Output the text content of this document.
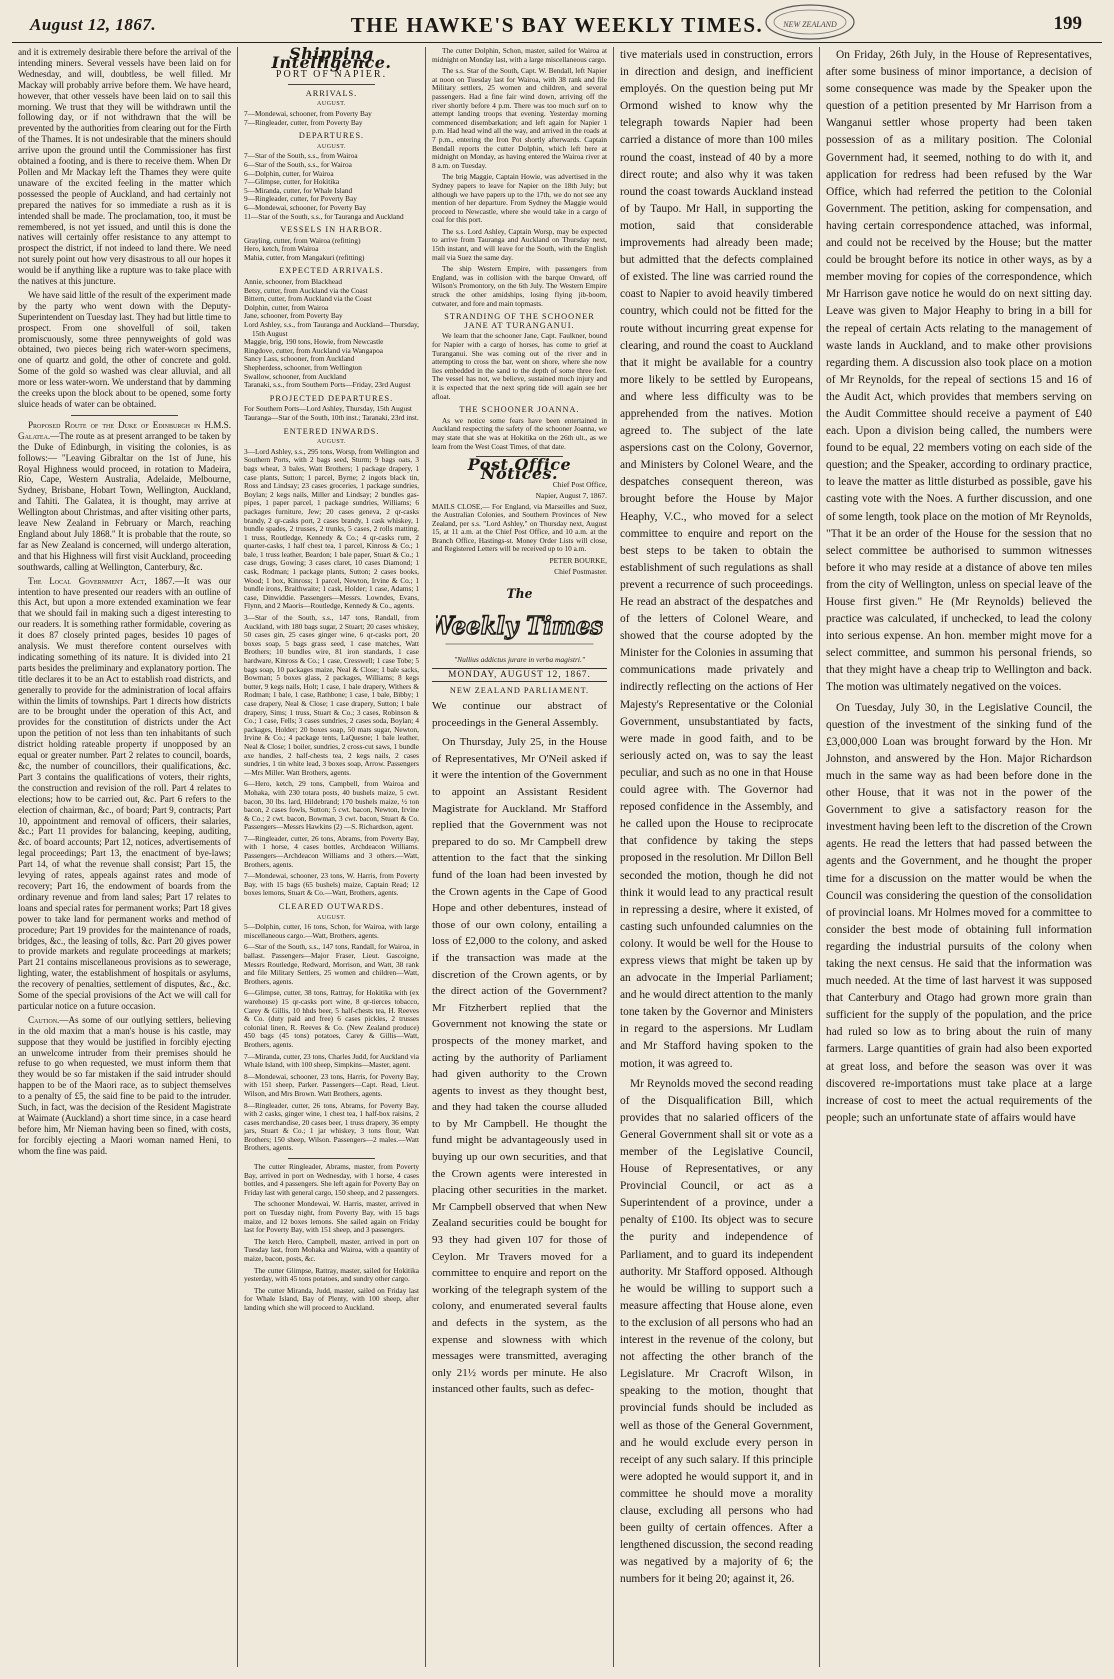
August 12, 1867.	THE HAWKE'S BAY WEEKLY TIMES.	NEW ZEALAND	199

and it is extremely desirable there before the arrival of the intending miners. Several vessels have been laid on for Wednesday, and will, doubtless, be well filled. Mr Mackay will probably arrive before them. We have heard, however, that other vessels have been laid on to sail this morning. We trust that they will be withdrawn until the following day, or if not withdrawn that the will be prevented by the authorities from clearing out for the Firth of the Thames. It is not undesirable that the miners should arrive upon the ground until the Commissioner has first obtained a footing, and is there to receive them. When Dr Pollen and Mr Mackay left the Thames they were quite unaware of the excited feeling in the matter which possessed the people of Auckland, and had certainly not prepared the natives for so immediate a rush as it is intended shall be made. The proclamation, too, it must be remembered, is not yet issued, and until this is done the natives will certainly offer resistance to any attempt to prospect the district, if not indeed to land there. We need not surely point out how very disastrous to all our hopes it would be if anything like a rupture was to take place with the natives at this juncture.

We have said little of the result of the experiment made by the party who went down with the Deputy-Superintendent on Tuesday last. They had but little time to prospect. From one shovelfull of soil, taken promiscuously, some three pennyweights of gold was obtained, two pieces being rich water-worn specimens, one of quartz and gold, the other of concrete and gold. Some of the gold so washed was clear alluvial, and all more or less water-worn. We understand that by damming the creeks upon the block about to be opened, some forty sluice heads of water can be obtained.

Proposed Route of the Duke of Edinburgh in H.M.S. Galatea.—The route as at present arranged to be taken by the Duke of Edinburgh, in visiting the colonies, is as follows:— "Leaving Gibraltar on the 1st of June, his Royal Highness would proceed, in rotation to Madeira, Rio, Cape, Western Australia, Adelaide, Melbourne, Sydney, Brisbane, Hobart Town, Wellington, Auckland, and Tahiti. The Galatea, it is thought, may arrive at Wellington about Christmas, and after visiting other parts, leave New Zealand in February or March, reaching England about July 1868." It is probable that the route, so far as New Zealand is concerned, will undergo alteration, and that his Highness will first visit Auckland, proceeding southwards, calling at Wellington, Canterbury, &c.

The Local Government Act, 1867.—It was our intention to have presented our readers with an outline of this Act, but upon a more extended examination we fear that we should fail in making such a digest interesting to our readers. It is something rather formidable, covering as it does 87 closely printed pages, besides 10 pages of analysis. We must therefore content ourselves with indicating something of its nature. It is divided into 21 parts besides the preliminary and explanatory portion. The title declares it to be an Act to establish road districts, and generally to provide for the administration of local affairs within the limits of townships. Part 1 directs how districts are to be brought under the operation of this Act, and provides for the constitution of districts under the Act upon the petition of not less than ten inhabitants of such district holding rateable property if unopposed by an equal or greater number. Part 2 relates to council, boards, &c, the number of councillors, their qualifications, &c. Part 3 contains the qualifications of voters, their rights, the construction and revision of the roll. Part 4 relates to elections; how to be carried out, &c. Part 6 refers to the election of chairman, &c., of board; Part 9, contracts; Part 10, appointment and removal of officers, their salaries, &c.; Part 11 provides for balancing, keeping, auditing, &c. of board accounts; Part 12, notices, advertisements of legal proceedings; Part 13, the enactment of bye-laws; Part 14, of what the revenue shall consist; Part 15, the levying of rates, appeals against rates and mode of recovery; Part 16, the endowment of boards from the ordinary revenue and from land sales; Part 17 relates to loans and special rates for permanent works; Part 18 gives power to take land for permanent works and method of procedure; Part 19 provides for the maintenance of roads, bridges, &c., the leasing of tolls, &c. Part 20 gives power to provide markets and regulate proceedings at markets; Part 21 contains miscellaneous provisions as to sewerage, lighting, water, the establishment of hospitals or asylums, the recovery of penalties, settlement of disputes, &c., &c. Some of the special provisions of the Act we will call for particular notice on a future occasion.

Caution.—As some of our outlying settlers, believing in the old maxim that a man's house is his castle, may suppose that they would be justified in forcibly ejecting an unwelcome intruder from their premises should he refuse to go when requested, we must inform them that they would be so far mistaken if the said intruder should happen to be of the Maori race, as to subject themselves to a penalty of £5, the said fine to be paid to the intruder. Such, in fact, was the decision of the Resident Magistrate at Waimate (Auckland) a short time since, in a case heard before him, Mr Nieman having been so fined, with costs, for forcibly ejecting a Maori woman named Heni, to whom the fine was paid.

Shipping Intelligence.
PORT OF NAPIER.
ARRIVALS.
AUGUST.
7—Mondewai, schooner, from Poverty Bay
7—Ringleader, cutter, from Poverty Bay
DEPARTURES.
AUGUST.
7—Star of the South, s.s., from Wairoa
6—Star of the South, s.s., for Wairoa
6—Dolphin, cutter, for Wairoa
7—Glimpse, cutter, for Hokitika
5—Miranda, cutter, for Whale Island
9—Ringleader, cutter, for Poverty Bay
6—Mondewai, schooner, for Poverty Bay
11—Star of the South, s.s., for Tauranga and Auckland
VESSELS IN HARBOR.
Grayling, cutter, from Wairoa (refitting)
Hero, ketch, from Wairoa
Mahia, cutter, from Mangakuri (refitting)
EXPECTED ARRIVALS.
Annie, schooner, from Blackhead
Betsy, cutter, from Auckland via the Coast
Bittern, cutter, from Auckland via the Coast
Dolphin, cutter, from Wairoa
Jane, schooner, from Poverty Bay
Lord Ashley, s.s., from Tauranga and Auckland—Thursday, 15th August
Maggie, brig, 190 tons, Howie, from Newcastle
Ringdove, cutter, from Auckland via Wangapoa
Sancy Lass, schooner, from Auckland
Shepherdess, schooner, from Wellington
Swallow, schooner, from Auckland
Taranaki, s.s., from Southern Ports—Friday, 23rd August
PROJECTED DEPARTURES.
For Southern Ports—Lord Ashley, Thursday, 15th August
Tauranga—Star of the South, 10th inst.; Taranaki, 23rd inst.
ENTERED INWARDS.
AUGUST.

3—Lord Ashley, s.s., 295 tons, Worsp, from Wellington and Southern Ports, with 2 bags seed, Sturm; 9 bags oats, 3 bags wheat, 3 bales, Watt Brothers; 1 package drapery, 1 case plants, Sutton; 1 parcel, Byrne; 2 ingots black tin, Ross and Lindsay; 23 cases groceries, 1 package sundries, Boylan; 2 kegs nails, Miller and Lindsay; 2 bundles gas-pipes, 1 paper parcel, 1 package sundries, Williams; 6 packages furniture, Jew; 20 cases geneva, 2 qr-casks brandy, 2 qr-casks port, 2 cases brandy, 1 cask whiskey, 1 bundle spades, 2 trusses, 2 trunks, 5 cases, 2 rolls matting, 1 truss, Routledge, Kennedy & Co.; 4 qr-casks rum, 2 quarter-casks, 1 half chest tea, 1 parcel, Kinross & Co.; 1 bale, 1 truss leather, Beardon; 1 bale paper, Stuart & Co.; 1 case drugs, Gowing; 3 cases claret, 10 cases Diamond; 1 cask, Rodman; 1 package plants, Sutton; 2 cases books, Wood; 1 box, Kinross; 1 parcel, Newton, Irvine & Co.; 1 bundle irons, Braithwaite; 1 cask, Holder; 1 case, Adams; 1 case, Dinwiddie. Passengers—Messrs. Lowndes, Evans, Flynn, and 2 Maoris—Routledge, Kennedy & Co., agents.

3—Star of the South, s.s., 147 tons, Randall, from Auckland, with 180 bags sugar, 2 Stuart; 20 cases whiskey, 50 cases gin, 25 cases ginger wine, 6 qr-casks port, 20 boxes soap, 5 bags grass seed, 1 case matches, Watt Brothers; 10 bundles wire, 81 iron standards, 1 case hardware, Kinross & Co.; 1 case, Cresswell; 1 case Tobe; 5 bags soap, 10 packages maize, Neal & Close; 1 bale sacks, Bowman; 5 boxes glass, 2 packages, Williams; 8 kegs butter, 9 kegs nails, Holt; 1 case, 1 bale drapery, Withers & Rodman; 1 bale, 1 case, Rathbone; 1 case, 1 bale, Bibby; 1 case drapery, Neal & Close; 1 case drapery, Sutton; 1 bale drapery, Sims; 1 truss, Stuart & Co.; 3 cases, Robinson & Co.; 1 case, Fells; 3 cases sundries, 2 cases soda, Boylan; 4 packages, Holder; 20 boxes soap, 50 mats sugar, Newton, Irvine & Co.; 4 package tents, LaQuesne; 1 bale leather, Neal & Close; 1 boiler, sundries, 2 cross-cut saws, 1 bundle axe handles, 2 half-chests tea, 2 kegs nails, 2 cases sundries, 1 tin white lead, 3 boxes soap, Arrow. Passengers—Mrs Miller. Watt Brothers, agents.

6—Hero, ketch, 29 tons, Campbell, from Wairoa and Mohaka, with 230 totara posts, 40 bushels maize, 5 cwt. bacon, 30 lbs. lard, Hildebrand; 170 bushels maize, ½ ton bacon, 2 cases fowls, Sutton; 5 cwt. bacon, Newton, Irvine & Co.; 2 cwt. bacon, Bowman, 3 cwt. bacon, Stuart & Co. Passengers—Messrs Hawkins (2) —S. Richardson, agent.

7—Ringleader, cutter, 26 tons, Abrams, from Poverty Bay, with 1 horse, 4 cases bottles, Archdeacon Williams. Passengers—Archdeacon Williams and 3 others.—Watt, Brothers, agents.

7—Mondewai, schooner, 23 tons, W. Harris, from Poverty Bay, with 15 bags (65 bushels) maize, Captain Read; 12 boxes lemons, Stuart & Co.—Watt, Brothers, agents.

CLEARED OUTWARDS.
AUGUST.

5—Dolphin, cutter, 16 tons, Schon, for Wairoa, with large miscellaneous cargo.—Watt, Brothers, agents.

6—Star of the South, s.s., 147 tons, Randall, for Wairoa, in ballast. Passengers—Major Fraser, Lieut. Gascoigne, Messrs Routledge, Redward, Morrison, and Watt, 38 rank and file Military Settlers, 25 women and children—Watt, Brothers, agents.

6—Glimpse, cutter, 38 tons, Rattray, for Hokitika with (ex warehouse) 15 qr-casks port wine, 8 qr-tierces tobacco, Carey & Gillis, 10 hhds beer, 5 half-chests tea, H. Reeves & Co. (duty paid and free) 6 cases pickles, 2 trusses colonial linen, R. Reeves & Co. (New Zealand produce) 450 bags (45 tons) potatoes, Carey & Gillis—Watt, Brothers, agents.

7—Miranda, cutter, 23 tons, Charles Judd, for Auckland via Whale Island, with 100 sheep, Simpkins—Master, agent.

8—Mondewai, schooner, 23 tons, Harris, for Poverty Bay, with 151 sheep, Parker. Passengers—Capt. Read, Lieut. Wilson, and Mrs Brown. Watt Brothers, agents.

8—Ringleader, cutter, 26 tons, Abrams, for Poverty Bay, with 2 casks, ginger wine, 1 chest tea, 1 half-box raisins, 2 cases merchandise, 20 cases beer, 1 truss drapery, 36 empty jars, Stuart & Co.; 1 jar whiskey, 3 tons flour, Watt Brothers; 150 sheep, Wilson. Passengers—2 males.—Watt Brothers, agents.

The cutter Ringleader, Abrams, master, from Poverty Bay, arrived in port on Wednesday, with 1 horse, 4 cases bottles, and 4 passengers. She left again for Poverty Bay on Friday last with general cargo, 150 sheep, and 2 passengers.

The schooner Mondewai, W. Harris, master, arrived in port on Tuesday night, from Poverty Bay, with 15 bags maize, and 12 boxes lemons. She sailed again on Friday last for Poverty Bay, with 151 sheep, and 3 passengers.

The ketch Hero, Campbell, master, arrived in port on Tuesday last, from Mohaka and Wairoa, with a quantity of maize, bacon, posts, &c.

The cutter Glimpse, Rattray, master, sailed for Hokitika yesterday, with 45 tons potatoes, and sundry other cargo.

The cutter Miranda, Judd, master, sailed on Friday last for Whale Island, Bay of Plenty, with 100 sheep, after landing which she will proceed to Auckland.

The cutter Dolphin, Schon, master, sailed for Wairoa at midnight on Monday last, with a large miscellaneous cargo.

The s.s. Star of the South, Capt. W. Bendall, left Napier at noon on Tuesday last for Wairoa, with 38 rank and file Military settlers, 25 women and children, and several passengers. Had a fine fair wind down, arriving off the river shortly before 4 p.m. There was too much surf on to attempt landing troops that evening. Yesterday morning commenced disembarkation; and left again for Napier 1 p.m. Had head wind all the way, and arrived in the roads at 7 p.m., entering the Iron Pot shortly afterwards. Captain Bendall reports the cutter Dolphin, which left here at midnight on Monday, as having entered the Wairoa river at 8 a.m. on Tuesday.

The brig Maggie, Captain Howie, was advertised in the Sydney papers to leave for Napier on the 18th July; but although we have papers up to the 17th, we do not see any mention of her departure. From Sydney the Maggie would proceed to Newcastle, where she would take in a cargo of coal for this port.

The s.s. Lord Ashley, Captain Worsp, may be expected to arrive from Tauranga and Auckland on Thursday next, 15th instant, and will leave for the South, with the English mail via Suez the same day.

The ship Western Empire, with passengers from England, was in collision with the barque Onward, off Wilson's Promontory, on the 6th July. The Western Empire struck the other amidships, losing flying jib-boom, cutwater, and fore and main topmasts.

STRANDING OF THE SCHOONER JANE AT TURANGANUI.

We learn that the schooner Jane, Capt. Faulkner, bound for Napier with a cargo of horses, has come to grief at Turanganui. She was coming out of the river and in attempting to cross the bar, went on shore, where she now lies embedded in the sand to the depth of some three feet. The vessel has not, we believe, sustained much injury and it is expected that the next spring tide will again see her afloat.

THE SCHOONER JOANNA.

As we notice some fears have been entertained in Auckland respecting the safety of the schooner Joanna, we may state that she was at Hokitika on the 26th ult., as we learn from the West Coast Times, of that date.

Post Office Notices.
Chief Post Office,
Napier, August 7, 1867.

MAILS CLOSE,— For England, via Marseilles and Suez, the Australian Colonies, and Southern Provinces of New Zealand, per s.s. "Lord Ashley," on Thursday next, August 15, at 11 a.m. at the Chief Post Office, and 10 a.m. at the Branch Office, Hastings-st. Money Order Lists will close, and Registered Letters will be received up to 10 a.m.

PETER BOURKE,
Chief Postmaster.
The
Weekly Times.
"Nullius addictus jurare in verba magistri."
MONDAY, AUGUST 12, 1867.
NEW ZEALAND PARLIAMENT.

We continue our abstract of proceedings in the General Assembly.

On Thursday, July 25, in the House of Representatives, Mr O'Neil asked if it were the intention of the Government to appoint an Assistant Resident Magistrate for Auckland. Mr Stafford replied that the Government was not prepared to do so. Mr Campbell drew attention to the fact that the sinking fund of the loan had been invested by the Crown agents in the Cape of Good Hope and other debentures, instead of those of our own colony, entailing a loss of £2,000 to the colony, and asked if the transaction was made at the discretion of the Crown agents, or by the direct action of the Government? Mr Fitzherbert replied that the Government not knowing the state or prospects of the money market, and acting by the authority of Parliament had given authority to the Crown agents to invest as they thought best, and they had taken the course alluded to by Mr Campbell. He thought the fund might be advantageously used in buying up our own securities, and that the Crown agents were interested in placing other securities in the market. Mr Campbell observed that when New Zealand securities could be bought for 93 they had given 107 for those of Ceylon. Mr Travers moved for a committee to enquire and report on the working of the telegraph system of the colony, and enumerated several faults and defects in the system, as the expense and slowness with which messages were transmitted, averaging only 21½ words per minute. He also instanced other faults, such as defec-

tive materials used in construction, errors in direction and design, and inefficient employés. On the question being put Mr Ormond wished to know why the telegraph towards Napier had been carried a distance of more than 100 miles round the coast, instead of 40 by a more direct route; and also why it was taken round the coast towards Auckland instead of by Taupo. Mr Hall, in supporting the motion, said that considerable improvements had already been made; but admitted that the defects complained of existed. The line was carried round the coast to Napier to avoid heavily timbered country, which could not be fitted for the route without incurring great expense for clearing, and round the coast to Auckland that it might be available for a country more likely to be settled by Europeans, and where less difficulty was to be apprehended from the natives. Motion agreed to. The subject of the late aspersions cast on the Colony, Governor, and Ministers by Colonel Weare, and the despatches consequent thereon, was brought before the House by Major Heaphy, V.C., who moved for a select committee to enquire and report on the best steps to be taken to obtain the establishment of such regulations as shall prevent a recurrence of such proceedings. He read an abstract of the despatches and of the letters of Colonel Weare, and showed that the course adopted by the Minister for the Colonies in assuming that communications made privately and indirectly reflecting on the actions of Her Majesty's Representative or the Colonial Government, unsubstantiated by facts, were made in good faith, and to be seriously acted on, was to say the least peculiar, and such as no one in that House could agree with. The Governor had reposed confidence in the Assembly, and he called upon the House to reciprocate that confidence by taking the steps proposed in the resolution. Mr Dillon Bell seconded the motion, though he did not think it would lead to any practical result in repressing a desire, where it existed, of casting such unfounded calumnies on the colony. It would be well for the House to express views that might be taken up by an advocate in the Imperial Parliament; and he would direct attention to the manly tone taken by the Governor and Ministers in regard to the aspersions. Mr Ludlam and Mr Stafford having spoken to the motion, it was agreed to.

Mr Reynolds moved the second reading of the Disqualification Bill, which provides that no salaried officers of the General Government shall sit or vote as a member of the Legislative Council, House of Representatives, or any Provincial Council, or act as a Superintendent of a province, under a penalty of £100. Its object was to secure the purity and independence of Parliament, and to guard its independent authority. Mr Stafford opposed. Although he would be willing to support such a measure affecting that House alone, even to the exclusion of all persons who had an interest in the revenue of the colony, but not affecting the other branch of the Legislature. Mr Cracroft Wilson, in speaking to the motion, thought that provincial funds should be included as well as those of the General Government, and he would exclude every person in receipt of any such salary. If this principle were adopted he would support it, and in committee he should move a morality clause, excluding all persons who had been guilty of certain offences. After a lengthened discussion, the second reading was negatived by a majority of 6; the numbers for it being 20; against it, 26.

On Friday, 26th July, in the House of Representatives, after some business of minor importance, a decision of some consequence was made by the Speaker upon the question of a petition presented by Mr Harrison from a Wanganui settler whose property had been taken possession of as a military position. The Colonial Government had, it seemed, nothing to do with it, and application for redress had been refused by the War Office, which had referred the petition to the Colonial Government. The petition, asking for compensation, and having certain correspondence attached, was informal, and could not be received by the House; but the matter could be brought before its notice in other ways, as by a member moving for copies of the correspondence, which Mr Harrison gave notice he would do on next sitting day. Leave was given to Major Heaphy to bring in a bill for the repeal of certain Acts relating to the management of waste lands in Auckland, and to make other provisions regarding them. A discussion also took place on a motion of Mr Reynolds, for the repeal of sections 15 and 16 of the Audit Act, which provides that members serving on the Audit Committee should receive a payment of £40 each. Upon a division being called, the numbers were found to be equal, 22 members voting on each side of the question; and the Speaker, according to ordinary practice, to leave the matter as little disturbed as possible, gave his casting vote with the Noes. A further discussion, and one of some length, took place on the motion of Mr Reynolds, "That it be an order of the House for the session that no select committee be authorised to summon witnesses before it who may reside at a distance of above ten miles from the city of Wellington, unless on special leave of the House first given." He (Mr Reynolds) believed the practice was calculated, if unchecked, to lead the colony into serious expense. An hon. member might move for a select committee, and summon his personal friends, so that they might have a cheap trip to Wellington and back. The motion was ultimately negatived on the voices.

On Tuesday, July 30, in the Legislative Council, the question of the investment of the sinking fund of the £3,000,000 Loan was brought forward by the Hon. Mr Johnston, and answered by the Hon. Major Richardson much in the same way as had been before done in the other House, that it was not in the power of the Government to give a satisfactory reason for the investment having been left to the discretion of the Crown agents. He read the letters that had passed between the agents and the Government, and he thought the proper time for a discussion on the matter would be when the Council was considering the question of the consolidation of provincial loans. Mr Holmes moved for a committee to consider the best mode of obtaining full information regarding the industrial pursuits of the colony when taking the next census. He said that the information was much needed. At the time of last harvest it was supposed that Canterbury and Otago had grown more grain than sufficient for the supply of the population, and the price had ruled so low as to bring about the ruin of many farmers. Large quantities of grain had also been exported at great loss, and before the season was over it was discovered re-importations must take place at a large increase of cost to meet the actual requirements of the people; such an unfortunate state of affairs would have
